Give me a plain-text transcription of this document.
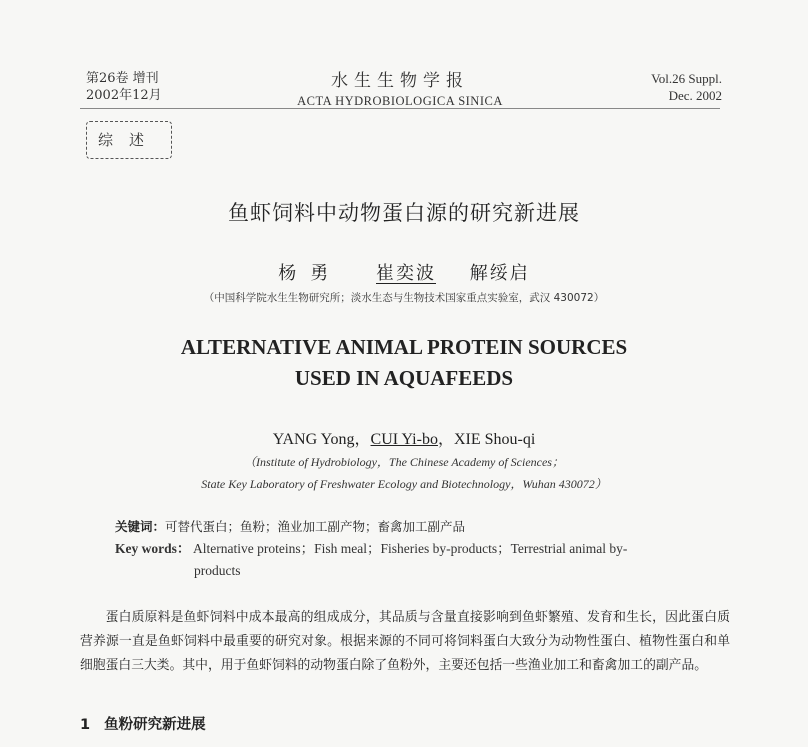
第26卷 增刊
2002年12月
水生生物学报
ACTA HYDROBIOLOGICA SINICA
Vol.26 Suppl.
Dec. 2002
综述
鱼虾饲料中动物蛋白源的研究新进展
杨勇 崔奕波 解绥启
（中国科学院水生生物研究所；淡水生态与生物技术国家重点实验室，武汉 430072）
ALTERNATIVE ANIMAL PROTEIN SOURCES
USED IN AQUAFEEDS
YANG Yong，CUI Yi-bo，XIE Shou-qi
（Institute of Hydrobiology，The Chinese Academy of Sciences；
State Key Laboratory of Freshwater Ecology and Biotechnology，Wuhan 430072）
关键词：可替代蛋白；鱼粉；渔业加工副产物；畜禽加工副产品
Key words： Alternative proteins；Fish meal；Fisheries by-products；Terrestrial animal by-
products

蛋白质原料是鱼虾饲料中成本最高的组成成分，其品质与含量直接影响到鱼虾繁殖、发育和生长，因此蛋白质营养源一直是鱼虾饲料中最重要的研究对象。根据来源的不同可将饲料蛋白大致分为动物性蛋白、植物性蛋白和单细胞蛋白三大类。其中，用于鱼虾饲料的动物蛋白除了鱼粉外，主要还包括一些渔业加工和畜禽加工的副产品。

1 鱼粉研究新进展
